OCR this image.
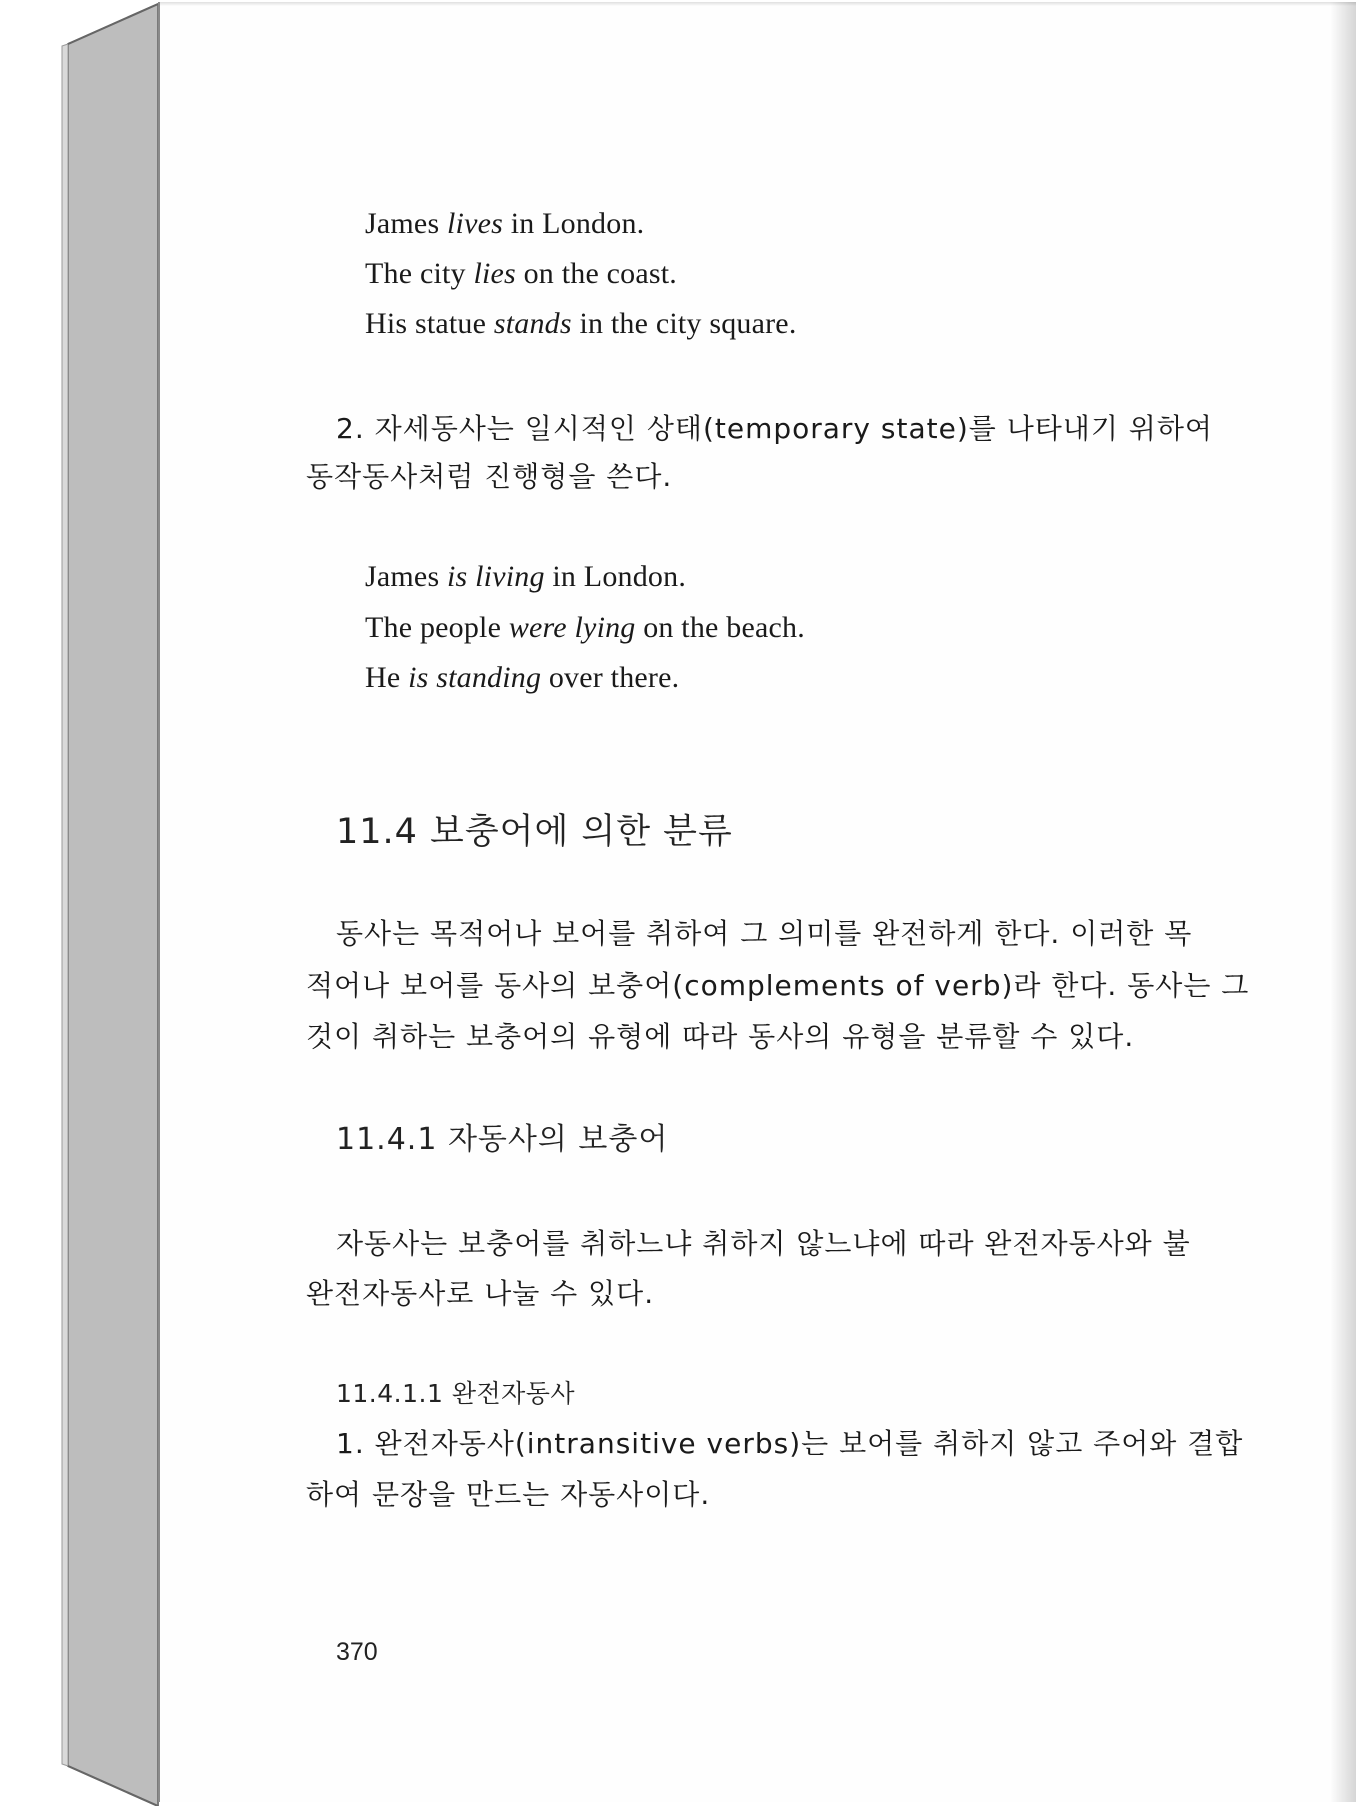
James lives in London.
The city lies on the coast.
His statue stands in the city square.
2. 자세동사는 일시적인 상태(temporary state)를 나타내기 위하여
동작동사처럼 진행형을 쓴다.
James is living in London.
The people were lying on the beach.
He is standing over there.
11.4 보충어에 의한 분류
동사는 목적어나 보어를 취하여 그 의미를 완전하게 한다. 이러한 목
적어나 보어를 동사의 보충어(complements of verb)라 한다. 동사는 그
것이 취하는 보충어의 유형에 따라 동사의 유형을 분류할 수 있다.
11.4.1 자동사의 보충어
자동사는 보충어를 취하느냐 취하지 않느냐에 따라 완전자동사와 불
완전자동사로 나눌 수 있다.
11.4.1.1 완전자동사
1. 완전자동사(intransitive verbs)는 보어를 취하지 않고 주어와 결합
하여 문장을 만드는 자동사이다.
370
